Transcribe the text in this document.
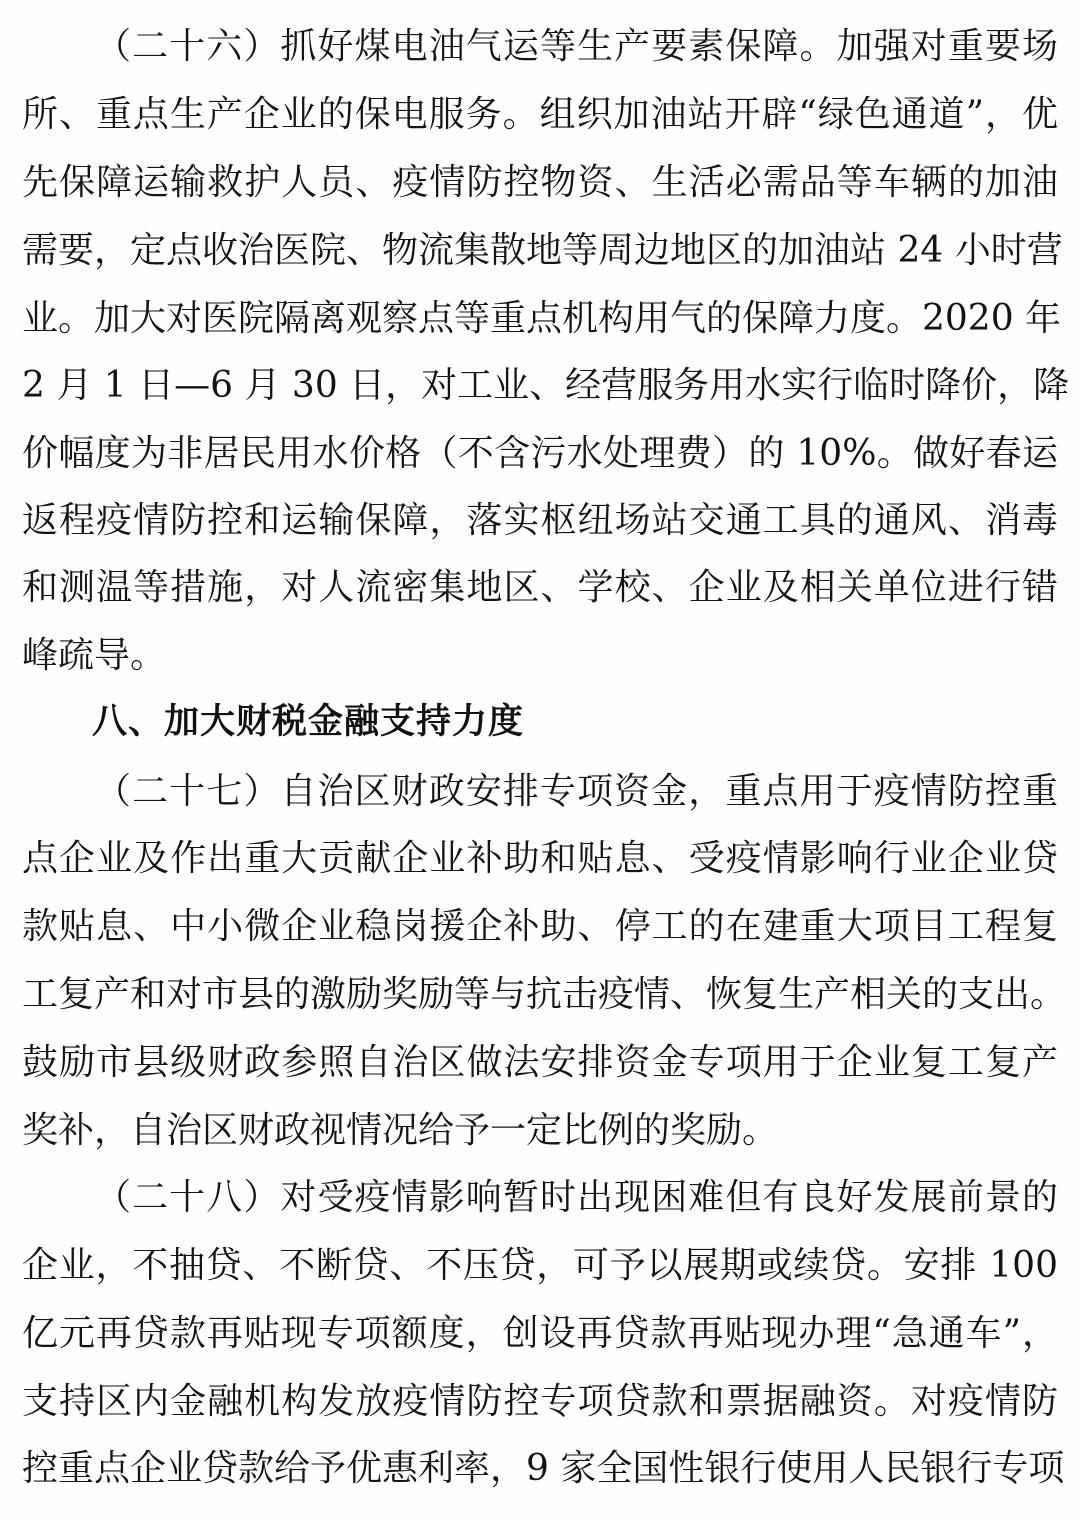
（二十六）抓好煤电油气运等生产要素保障。加强对重要场
所、重点生产企业的保电服务。组织加油站开辟“绿色通道”，优
先保障运输救护人员、疫情防控物资、生活必需品等车辆的加油
需要，定点收治医院、物流集散地等周边地区的加油站 24 小时营
业。加大对医院隔离观察点等重点机构用气的保障力度。2020 年
2 月 1 日—6 月 30 日，对工业、经营服务用水实行临时降价，降
价幅度为非居民用水价格（不含污水处理费）的 10%。做好春运
返程疫情防控和运输保障，落实枢纽场站交通工具的通风、消毒
和测温等措施，对人流密集地区、学校、企业及相关单位进行错
峰疏导。
八、加大财税金融支持力度
（二十七）自治区财政安排专项资金，重点用于疫情防控重
点企业及作出重大贡献企业补助和贴息、受疫情影响行业企业贷
款贴息、中小微企业稳岗援企补助、停工的在建重大项目工程复
工复产和对市县的激励奖励等与抗击疫情、恢复生产相关的支出。
鼓励市县级财政参照自治区做法安排资金专项用于企业复工复产
奖补，自治区财政视情况给予一定比例的奖励。
（二十八）对受疫情影响暂时出现困难但有良好发展前景的
企业，不抽贷、不断贷、不压贷，可予以展期或续贷。安排 100
亿元再贷款再贴现专项额度，创设再贷款再贴现办理“急通车”，
支持区内金融机构发放疫情防控专项贷款和票据融资。对疫情防
控重点企业贷款给予优惠利率，9 家全国性银行使用人民银行专项
